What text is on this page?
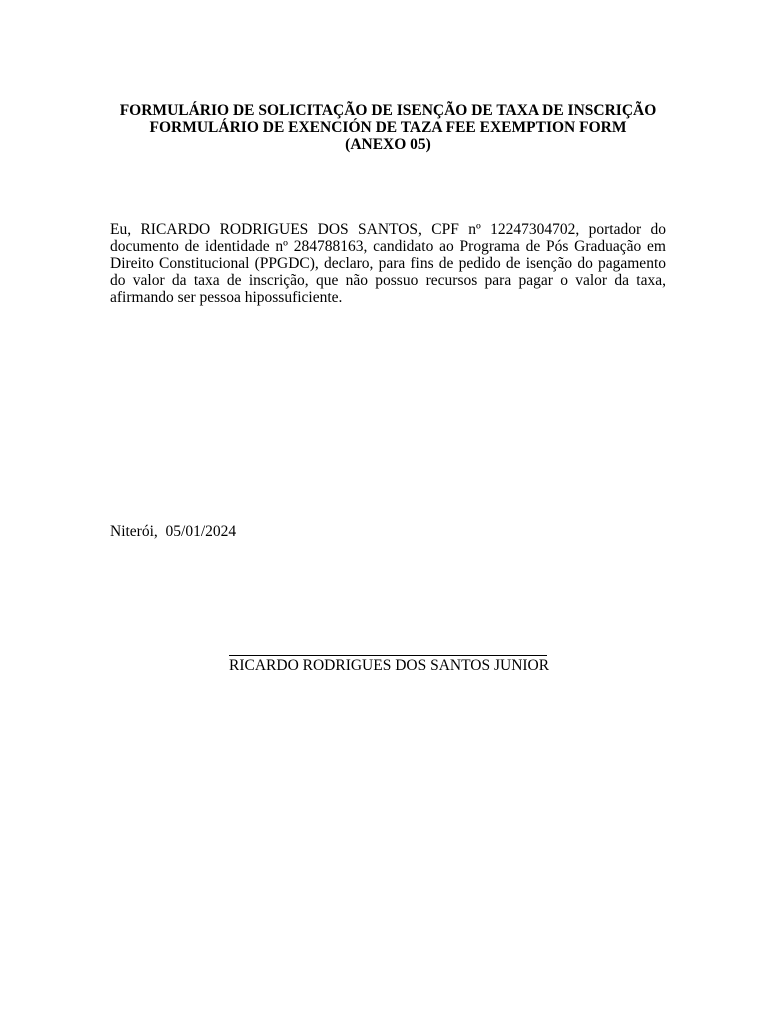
FORMULÁRIO DE SOLICITAÇÃO DE ISENÇÃO DE TAXA DE INSCRIÇÃO
FORMULÁRIO DE EXENCIÓN DE TAZA FEE EXEMPTION FORM
(ANEXO 05)
Eu, RICARDO RODRIGUES DOS SANTOS, CPF nº 12247304702, portador do documento de identidade nº 284788163, candidato ao Programa de Pós Graduação em Direito Constitucional (PPGDC), declaro, para fins de pedido de isenção do pagamento do valor da taxa de inscrição, que não possuo recursos para pagar o valor da taxa, afirmando ser pessoa hipossuficiente.
Niterói,  05/01/2024
RICARDO RODRIGUES DOS SANTOS JUNIOR
